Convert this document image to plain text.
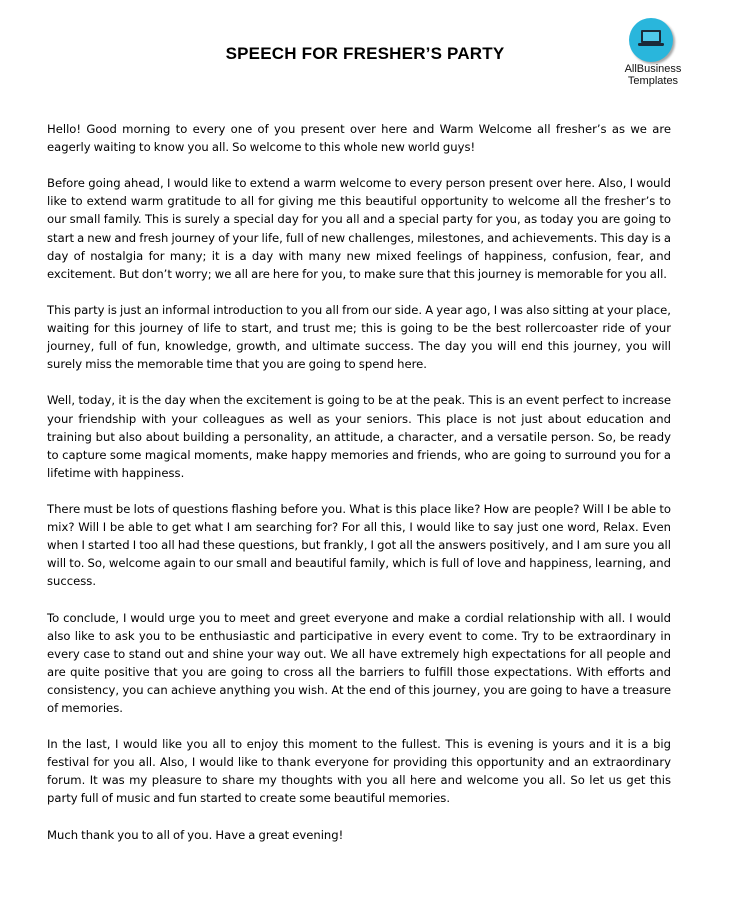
SPEECH FOR FRESHER’S PARTY
AllBusiness
Templates

Hello! Good morning to every one of you present over here and Warm Welcome all fresher’s as we are eagerly waiting to know you all. So welcome to this whole new world guys!

Before going ahead, I would like to extend a warm welcome to every person present over here. Also, I would like to extend warm gratitude to all for giving me this beautiful opportunity to welcome all the fresher’s to our small family. This is surely a special day for you all and a special party for you, as today you are going to start a new and fresh journey of your life, full of new challenges, milestones, and achievements. This day is a day of nostalgia for many; it is a day with many new mixed feelings of happiness, confusion, fear, and excitement. But don’t worry; we all are here for you, to make sure that this journey is memorable for you all.

This party is just an informal introduction to you all from our side. A year ago, I was also sitting at your place, waiting for this journey of life to start, and trust me; this is going to be the best rollercoaster ride of your journey, full of fun, knowledge, growth, and ultimate success. The day you will end this journey, you will surely miss the memorable time that you are going to spend here.

Well, today, it is the day when the excitement is going to be at the peak. This is an event perfect to increase your friendship with your colleagues as well as your seniors. This place is not just about education and training but also about building a personality, an attitude, a character, and a versatile person. So, be ready to capture some magical moments, make happy memories and friends, who are going to surround you for a lifetime with happiness.

There must be lots of questions flashing before you. What is this place like? How are people? Will I be able to mix? Will I be able to get what I am searching for? For all this, I would like to say just one word, Relax. Even when I started I too all had these questions, but frankly, I got all the answers positively, and I am sure you all will to. So, welcome again to our small and beautiful family, which is full of love and happiness, learning, and success.

To conclude, I would urge you to meet and greet everyone and make a cordial relationship with all. I would also like to ask you to be enthusiastic and participative in every event to come. Try to be extraordinary in every case to stand out and shine your way out. We all have extremely high expectations for all people and are quite positive that you are going to cross all the barriers to fulfill those expectations. With efforts and consistency, you can achieve anything you wish. At the end of this journey, you are going to have a treasure of memories.

In the last, I would like you all to enjoy this moment to the fullest. This is evening is yours and it is a big festival for you all. Also, I would like to thank everyone for providing this opportunity and an extraordinary forum. It was my pleasure to share my thoughts with you all here and welcome you all. So let us get this party full of music and fun started to create some beautiful memories.

Much thank you to all of you. Have a great evening!
